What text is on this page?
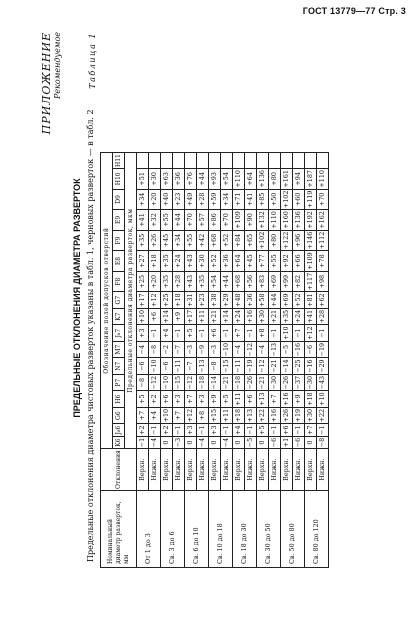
ГОСТ 13779—77 Стр. 3
ПРИЛОЖЕНИЕ Рекомендуемое
ПРЕДЕЛЬНЫЕ ОТКЛОНЕНИЯ ДИАМЕТРА РАЗВЕРТОК Предельные отклонения диаметра чистовых разверток указаны в табл. 1, черновых разверток — в табл. 2
Таблица 1
Номинальный диаметр разверток, мм	Отклонения	Обозначение полей допусков отверстий																
		K6	J₈6	G6	H6	P7	N7	M7	J₈7	K7	G7	F8	E8	F9	E9	D9	H10	H11
		Предельные отклонения диаметра разверток, мкм																
От 1 до 3	Верхн.	−1	+2	+7	+5	−8	−6	−4	+3	+10	+17	+25	+27	+35	+41	+34	+51	
	Нижн.	−4	−1	+4	+2	−12	−10	−8	−1	+6	+12	+20	+18	+26	+32	+20	+30	
Св. 3 до 6	Верхн.	0	+2	+10	+6	−10	−6	−2	+4	+14	+25	+35	+35	+45	+55	+40	+63	
	Нижн.	−3	−1	+7	+3	−15	−11	−7	−1	+9	+18	+28	+24	+34	+44	+23	+36	
Св. 6 до 10	Верхн.	0	+3	+12	+7	−12	−7	−3	+5	+17	+31	+43	+43	+55	+70	+49	+76	
	Нижн.	−4	−1	+8	+3	−18	−13	−9	−1	+11	+23	+35	+30	+42	+57	+28	+44	
Св. 10 до 18	Верхн.	0	+3	+15	+9	−14	−8	−3	+6	+21	+38	+54	+52	+68	+86	+59	+93	
	Нижн.	−4	−1	+11	+5	−21	−15	−10	−1	+14	+29	+44	+36	+52	+70	+34	+54	
Св. 18 до 30	Верхн.	0	+4	+18	+11	−18	−11	−4	+7	+24	+48	+68	+64	+84	+109	+71	+110	
	Нижн.	−5	−1	+13	+6	−26	−19	−12	−1	+16	+36	+56	+45	+65	+90	+41	+64	
Св. 30 до 50	Верхн.	0	+5	+22	+13	−21	−12	−4	+8	+30	+58	+83	+77	+102	+132	+85	+136	
	Нижн.	−6	−1	+16	+7	−30	−21	−13	−1	+21	+44	+69	+55	+80	+110	+50	+80	
Св. 50 до 80	Верхн.	+1	+6	+26	+16	−26	−14	−5	+10	+35	+69	+99	+92	+122	+160	+102	+161	
	Нижн.	−6	−1	+19	+9	−37	−25	−16	−1	+24	+52	+82	+66	+96	+136	+60	+94	
Св. 80 до 120	Верхн.	0	+7	+30	+18	−30	−16	−6	+12	+41	+81	+117	+109	+146	+192	+119	+187	
	Нижн.	−8	−1	+22	+10	−43	−29	−19	−1	+28	+62	+98	+78	+112	+162	+70	+110	
